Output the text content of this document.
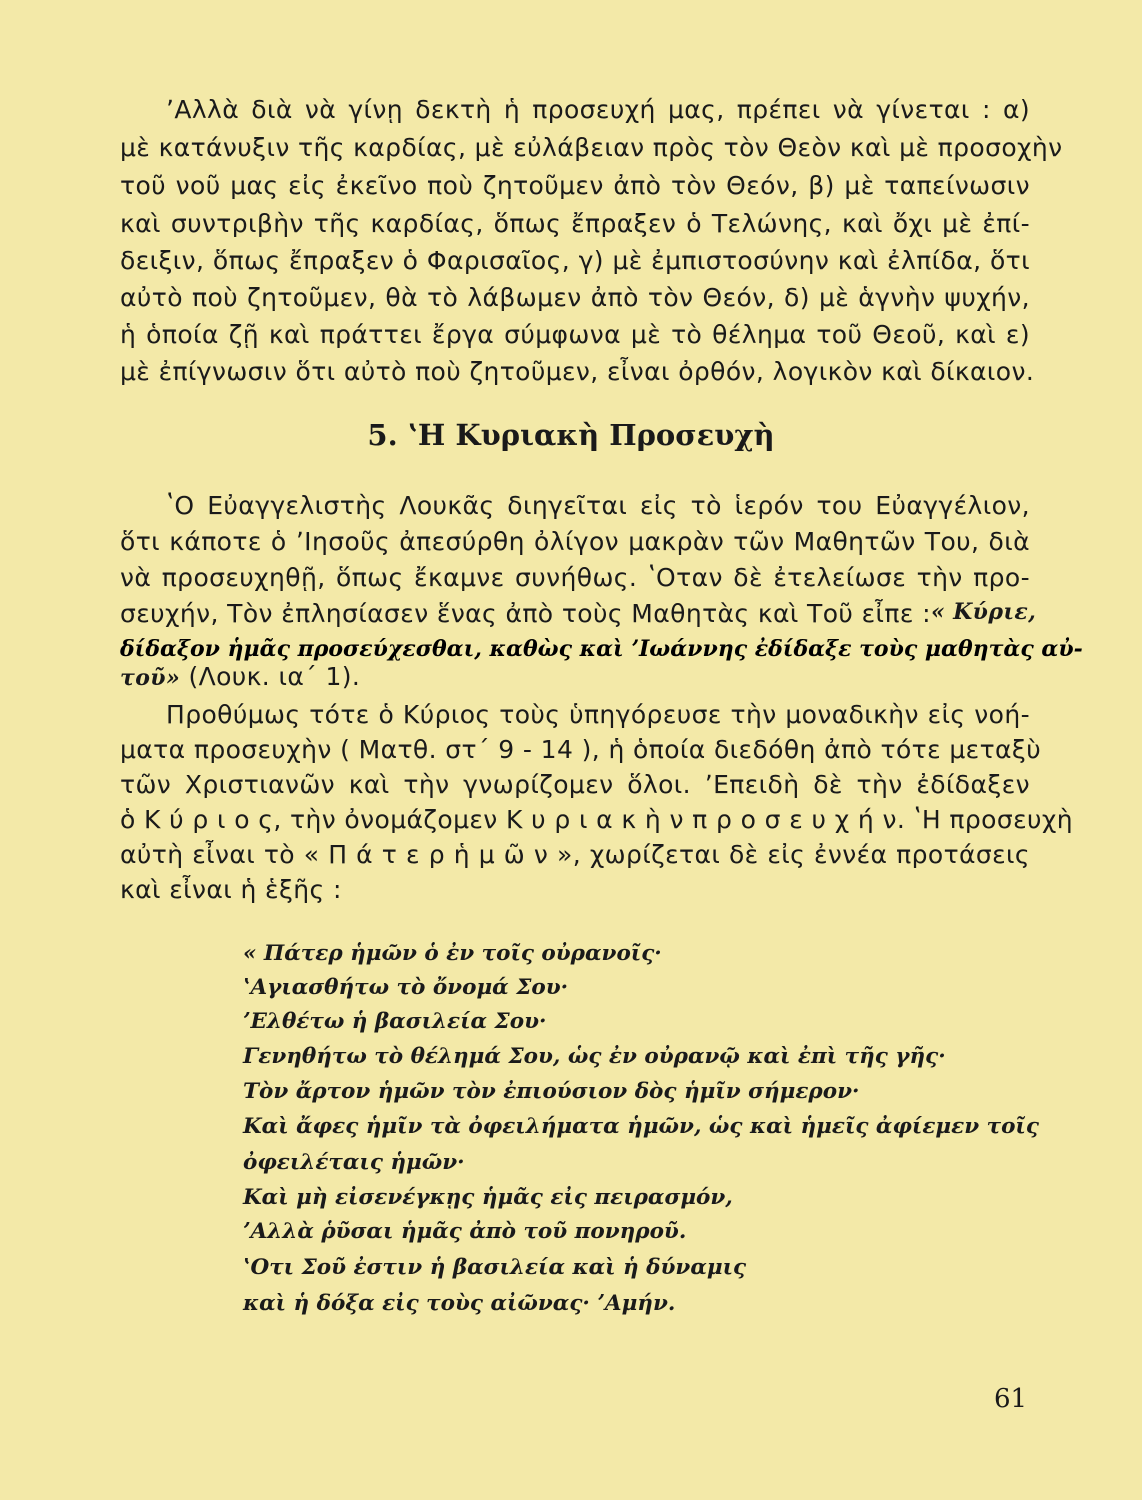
ʼΑλλὰ διὰ νὰ γίνῃ δεκτὴ ἡ προσευχή μας, πρέπει νὰ γίνεται : α)
μὲ κατάνυξιν τῆς καρδίας, μὲ εὐλάβειαν πρὸς τὸν Θεὸν καὶ μὲ προσοχὴν
τοῦ νοῦ μας εἰς ἐκεῖνο ποὺ ζητοῦμεν ἀπὸ τὸν Θεόν, β) μὲ ταπείνωσιν
καὶ συντριβὴν τῆς καρδίας, ὅπως ἔπραξεν ὁ Τελώνης, καὶ ὄχι μὲ ἐπί-
δειξιν, ὅπως ἔπραξεν ὁ Φαρισαῖος, γ) μὲ ἐμπιστοσύνην καὶ ἐλπίδα, ὅτι
αὐτὸ ποὺ ζητοῦμεν, θὰ τὸ λάβωμεν ἀπὸ τὸν Θεόν, δ) μὲ ἁγνὴν ψυχήν,
ἡ ὁποία ζῇ καὶ πράττει ἔργα σύμφωνα μὲ τὸ θέλημα τοῦ Θεοῦ, καὶ ε)
μὲ ἐπίγνωσιν ὅτι αὐτὸ ποὺ ζητοῦμεν, εἶναι ὀρθόν, λογικὸν καὶ δίκαιον.
5. ʽΗ Κυριακὴ Προσευχὴ
ʽΟ Εὐαγγελιστὴς Λουκᾶς διηγεῖται εἰς τὸ ἱερόν του Εὐαγγέλιον,
ὅτι κάποτε ὁ ʼΙησοῦς ἀπεσύρθη ὀλίγον μακρὰν τῶν Μαθητῶν Του, διὰ
νὰ προσευχηθῇ, ὅπως ἔκαμνε συνήθως. ʽΟταν δὲ ἐτελείωσε τὴν προ-
σευχήν, Τὸν ἐπλησίασεν ἕνας ἀπὸ τοὺς Μαθητὰς καὶ Τοῦ εἶπε : « Κύριε,
δίδαξον ἡμᾶς προσεύχεσθαι, καθὼς καὶ ʼΙωάννης ἐδίδαξε τοὺς μαθητὰς αὐ-
τοῦ» (Λουκ. ια΄ 1).
Προθύμως τότε ὁ Κύριος τοὺς ὑπηγόρευσε τὴν μοναδικὴν εἰς νοή-
ματα προσευχὴν ( Ματθ. στ΄ 9 - 14 ), ἡ ὁποία διεδόθη ἀπὸ τότε μεταξὺ
τῶν Χριστιανῶν καὶ τὴν γνωρίζομεν ὅλοι. ʼΕπειδὴ δὲ τὴν ἐδίδαξεν
ὁ Κ ύ ρ ι ο ς, τὴν ὀνομάζομεν Κ υ ρ ι α κ ὴ ν π ρ ο σ ε υ χ ή ν. ʽΗ προσευχὴ
αὐτὴ εἶναι τὸ « Π ά τ ε ρ ἡ μ ῶ ν », χωρίζεται δὲ εἰς ἐννέα προτάσεις
καὶ εἶναι ἡ ἑξῆς :
« Πάτερ ἡμῶν ὁ ἐν τοῖς οὐρανοῖς·
ʽΑγιασθήτω τὸ ὄνομά Σου·
ʼΕλθέτω ἡ βασιλεία Σου·
Γενηθήτω τὸ θέλημά Σου, ὡς ἐν οὐρανῷ καὶ ἐπὶ τῆς γῆς·
Τὸν ἄρτον ἡμῶν τὸν ἐπιούσιον δὸς ἡμῖν σήμερον·
Καὶ ἄφες ἡμῖν τὰ ὀφειλήματα ἡμῶν, ὡς καὶ ἡμεῖς ἀφίεμεν τοῖς
ὀφειλέταις ἡμῶν·
Καὶ μὴ εἰσενέγκῃς ἡμᾶς εἰς πειρασμόν,
ʼΑλλὰ ῥῦσαι ἡμᾶς ἀπὸ τοῦ πονηροῦ.
ʽΟτι Σοῦ ἐστιν ἡ βασιλεία καὶ ἡ δύναμις
καὶ ἡ δόξα εἰς τοὺς αἰῶνας· ʼΑμήν.
61
